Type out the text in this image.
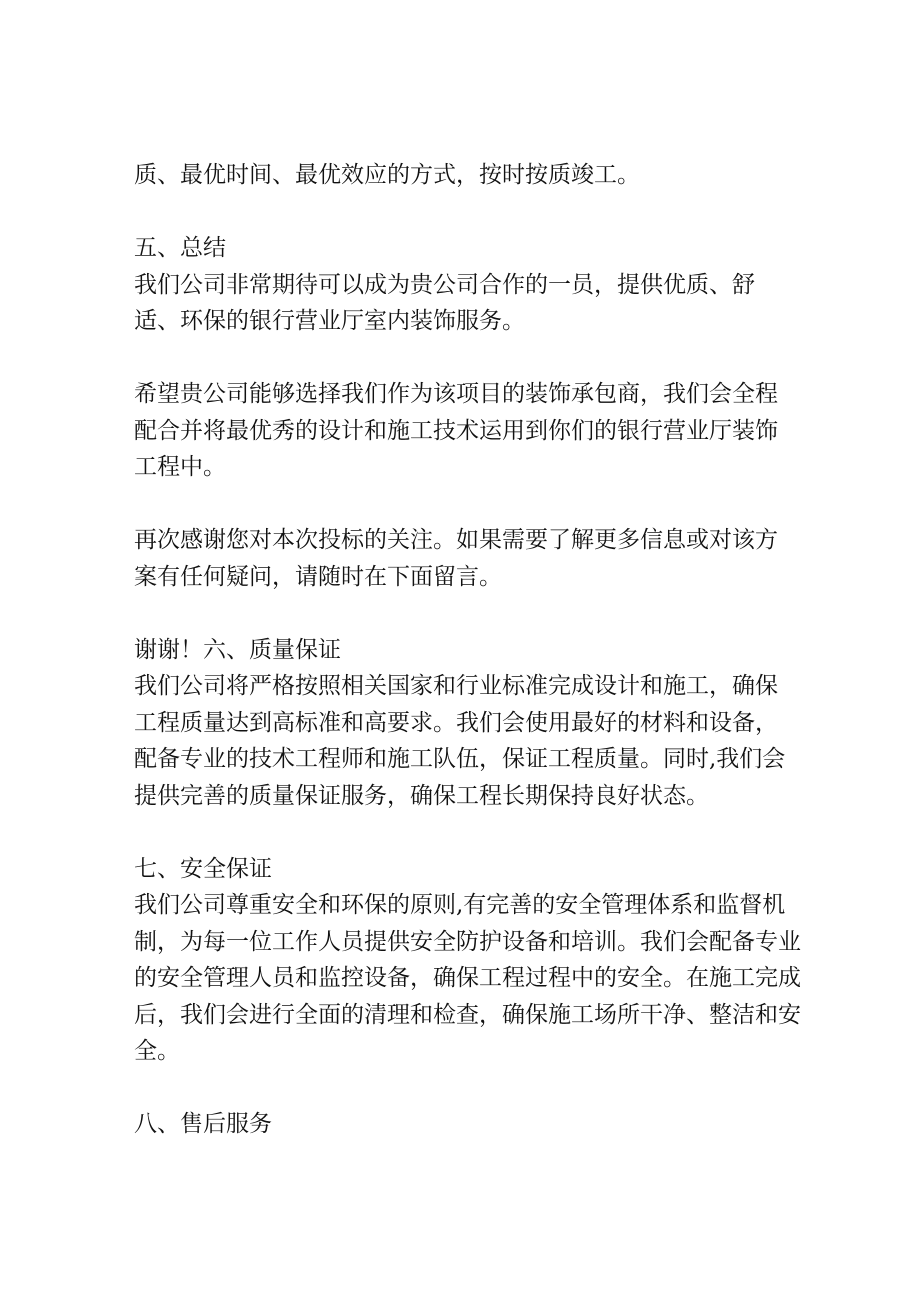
质、最优时间、最优效应的方式，按时按质竣工。
五、总结
我们公司非常期待可以成为贵公司合作的一员，提供优质、舒
适、环保的银行营业厅室内装饰服务。
希望贵公司能够选择我们作为该项目的装饰承包商，我们会全程
配合并将最优秀的设计和施工技术运用到你们的银行营业厅装饰
工程中。
再次感谢您对本次投标的关注。如果需要了解更多信息或对该方
案有任何疑问，请随时在下面留言。
谢谢！六、质量保证
我们公司将严格按照相关国家和行业标准完成设计和施工，确保
工程质量达到高标准和高要求。我们会使用最好的材料和设备，
配备专业的技术工程师和施工队伍，保证工程质量。同时,我们会
提供完善的质量保证服务，确保工程长期保持良好状态。
七、安全保证
我们公司尊重安全和环保的原则,有完善的安全管理体系和监督机
制，为每一位工作人员提供安全防护设备和培训。我们会配备专业
的安全管理人员和监控设备，确保工程过程中的安全。在施工完成
后，我们会进行全面的清理和检查，确保施工场所干净、整洁和安
全。
八、售后服务
